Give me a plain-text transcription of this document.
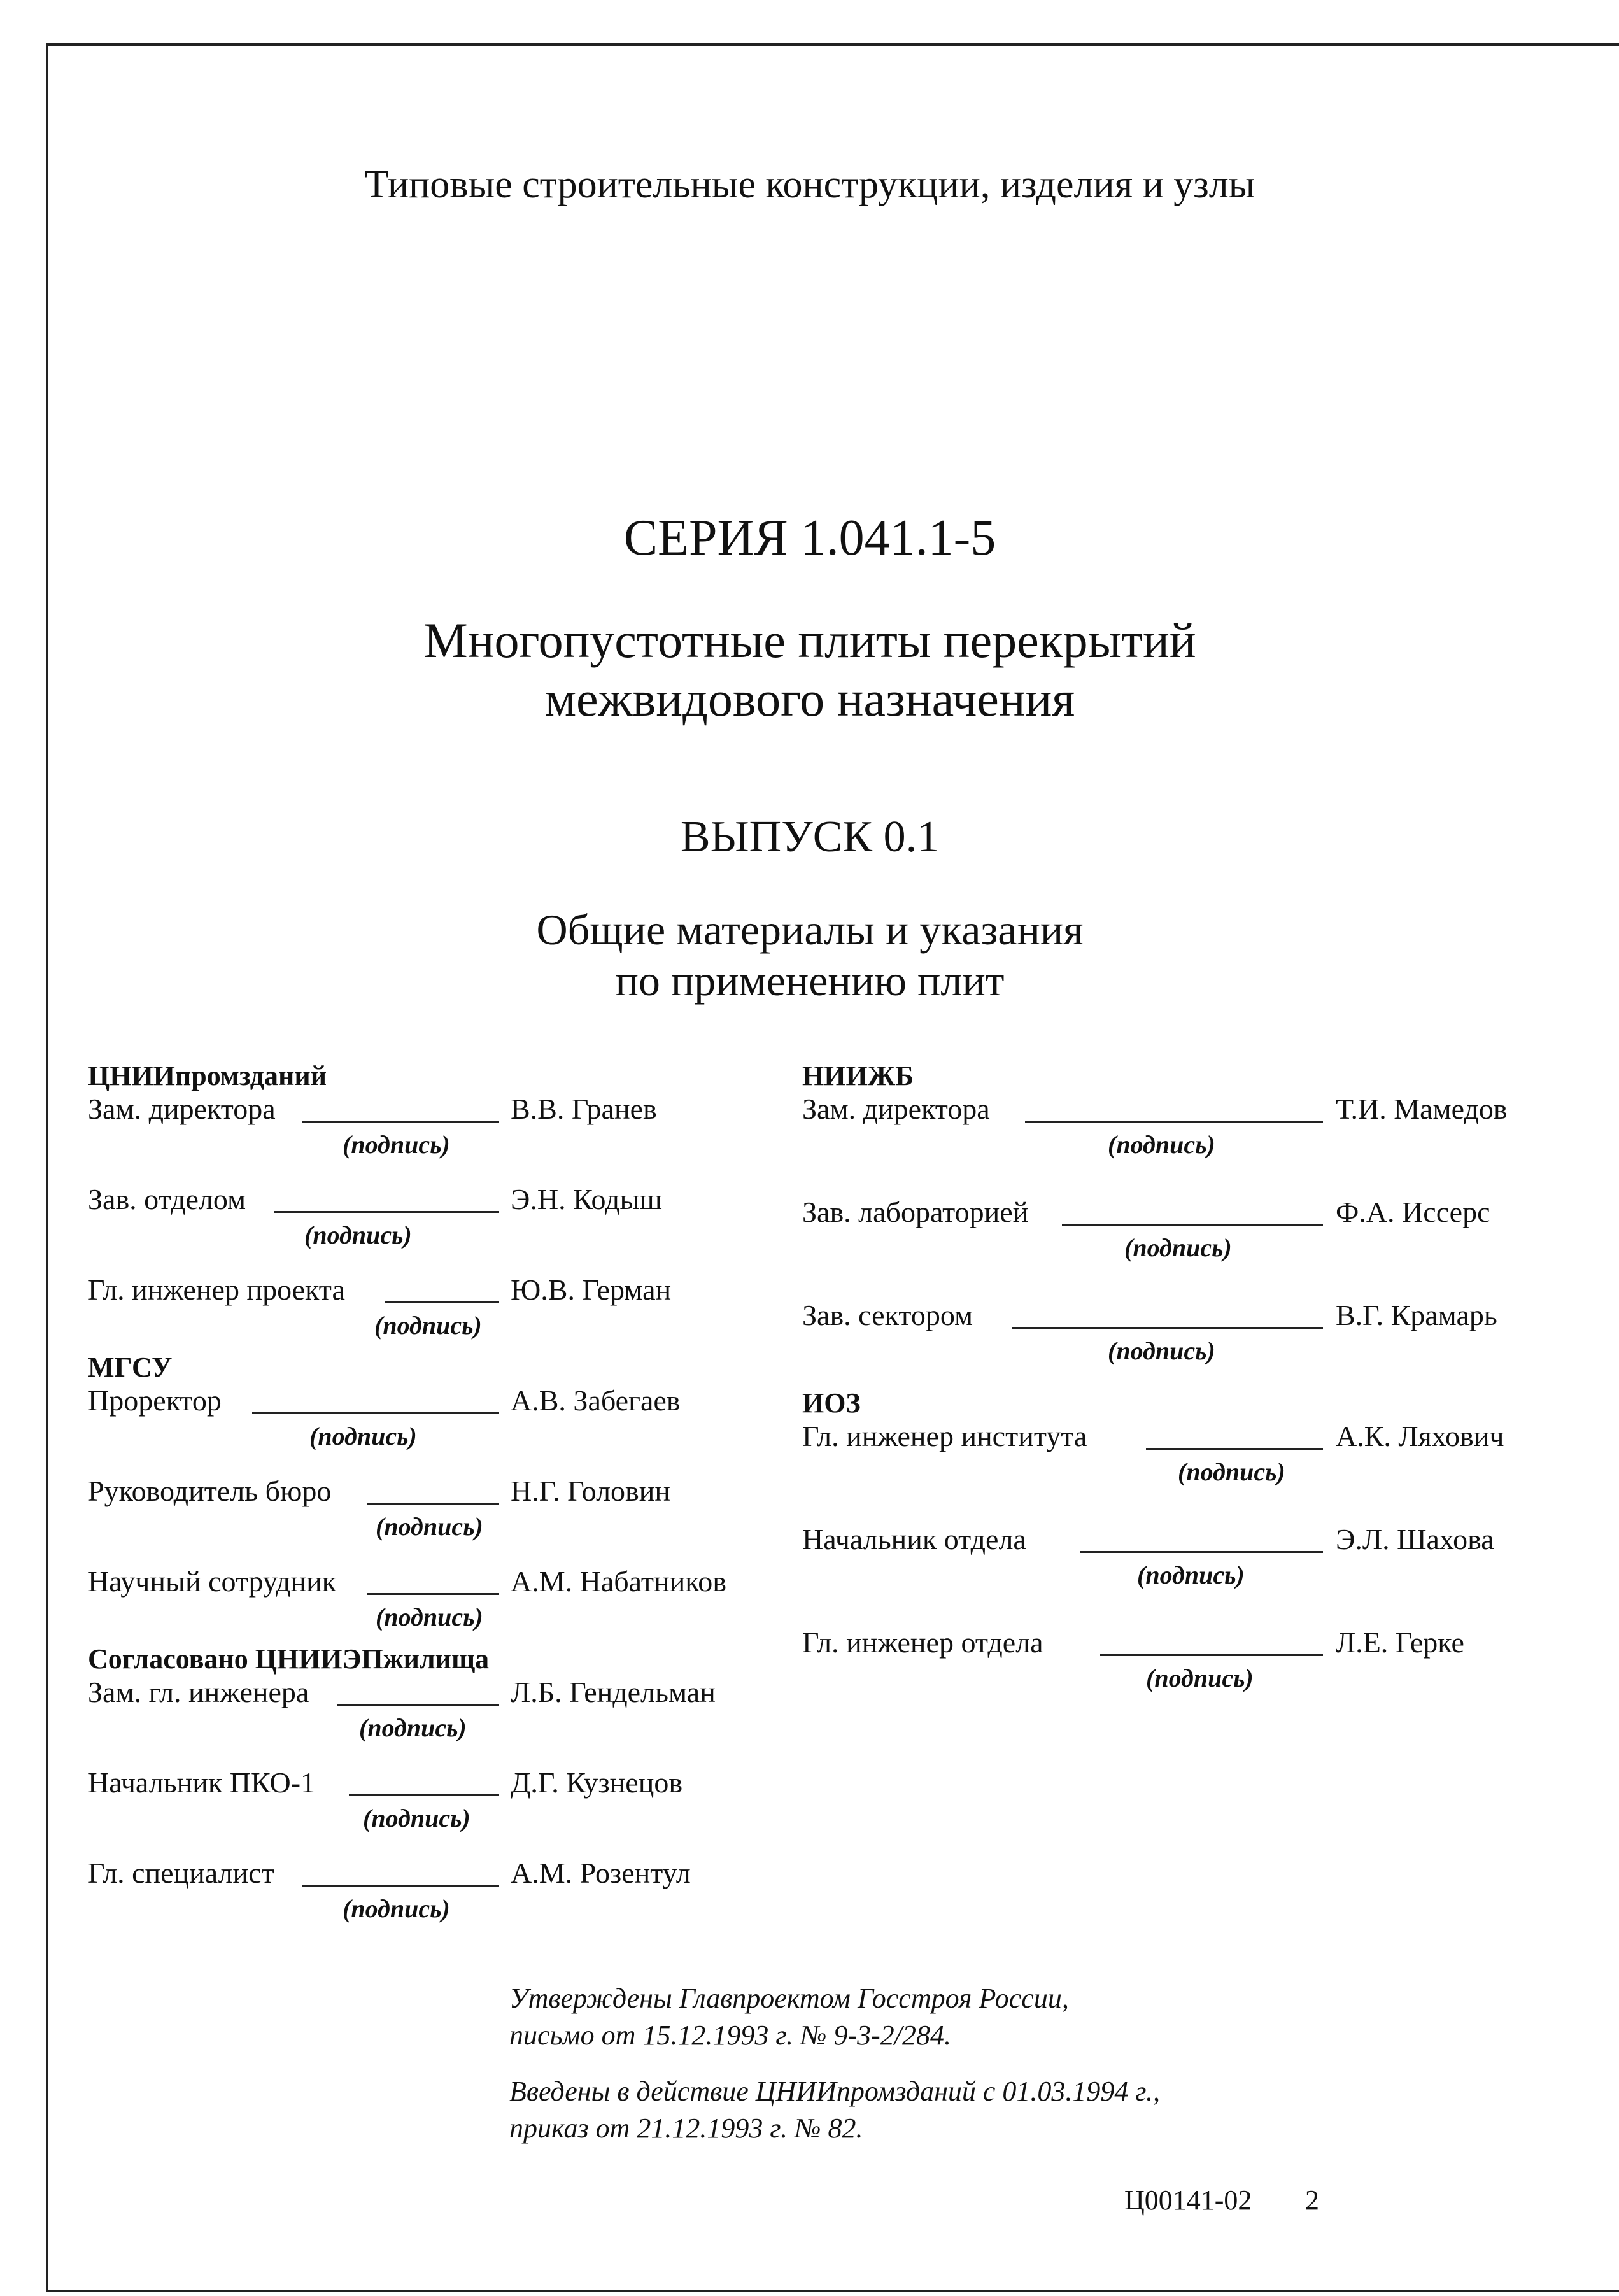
Типовые строительные конструкции, изделия и узлы
СЕРИЯ 1.041.1-5
Многопустотные плиты перекрытий
межвидового назначения
ВЫПУСК 0.1
Общие материалы и указания
по применению плит
ЦНИИпромзданий
Зам. директора	В.В. Гранев
(подпись)
Зав. отделом	Э.Н. Кодыш
(подпись)
Гл. инженер проекта	Ю.В. Герман
(подпись)
МГСУ
Проректор	А.В. Забегаев
(подпись)
Руководитель бюро	Н.Г. Головин
(подпись)
Научный сотрудник	А.М. Набатников
(подпись)
Согласовано ЦНИИЭПжилища
Зам. гл. инженера	Л.Б. Гендельман
(подпись)
Начальник ПКО-1	Д.Г. Кузнецов
(подпись)
Гл. специалист	А.М. Розентул
(подпись)
НИИЖБ
Зам. директора	Т.И. Мамедов
(подпись)
Зав. лабораторией	Ф.А. Иссерс
(подпись)
Зав. сектором	В.Г. Крамарь
(подпись)
ИОЗ
Гл. инженер института	А.К. Ляхович
(подпись)
Начальник отдела	Э.Л. Шахова
(подпись)
Гл. инженер отдела	Л.Е. Герке
(подпись)

Утверждены Главпроектом Госстроя России,
письмо от 15.12.1993 г. № 9-3-2/284.

Введены в действие ЦНИИпромзданий с 01.03.1994 г.,
приказ от 21.12.1993 г. № 82.

Ц00141-02 2
